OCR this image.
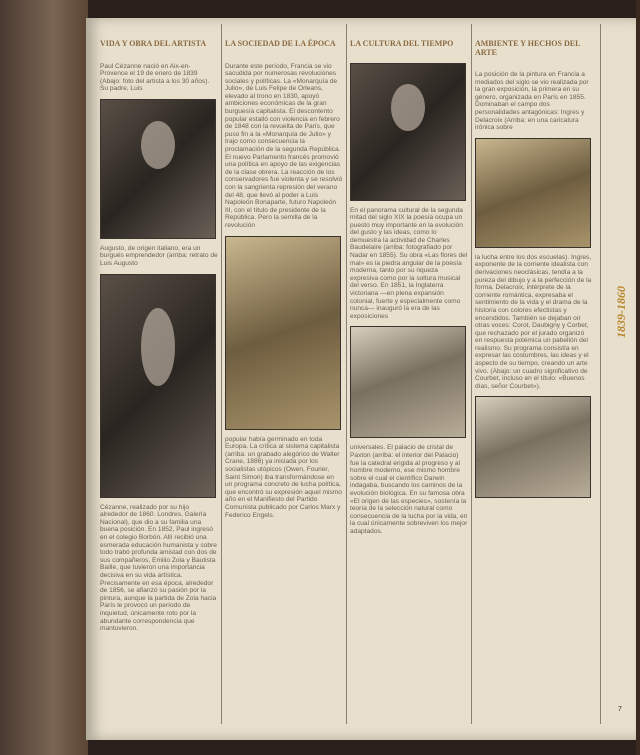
VIDA Y OBRA DEL ARTISTA

Paul Cézanne nació en Aix-en-Provence el 19 de enero de 1839 (Abajo: foto del artista a los 30 años). Su padre, Luis

Augusto, de origen italiano, era un burgués emprendedor (arriba: retrato de Luis Augusto

Cézanne, realizado por su hijo alrededor de 1860. Londres, Galería Nacional), que dio a su familia una buena posición. En 1852, Paul ingresó en el colegio Borbón. Allí recibió una esmerada educación humanista y sobre todo trabó profunda amistad con dos de sus compañeros, Emilio Zola y Bautista Baille, que tuvieron una importancia decisiva en su vida artística. Precisamente en esa época, alrededor de 1856, se afianzó su pasión por la pintura, aunque la partida de Zola hacia París le provocó un período de inquietud, únicamente roto por la abundante correspondencia que mantuvieron.

LA SOCIEDAD DE LA ÉPOCA

Durante este período, Francia se vio sacudida por numerosas revoluciones sociales y políticas. La «Monarquía de Julio», de Luis Felipe de Orleans, elevado al trono en 1830, apoyó ambiciones económicas de la gran burguesía capitalista. El descontento popular estalló con violencia en febrero de 1848 con la revuelta de París, que puso fin a la «Monarquía de Julio» y trajo como consecuencia la proclamación de la segunda República. El nuevo Parlamento francés promovió una política en apoyo de las exigencias de la clase obrera. La reacción de los conservadores fue violenta y se resolvió con la sangrienta represión del verano del 48, que llevó al poder a Luis Napoleón Bonaparte, futuro Napoleón III, con el título de presidente de la República. Pero la semilla de la revolución

popular había germinado en toda Europa. La crítica al sistema capitalista (arriba: un grabado alegórico de Walter Crane, 1886) ya iniciada por los socialistas utópicos (Owen, Fourier, Saint Simon) iba transformándose en un programa concreto de lucha política, que encontró su expresión aquel mismo año en el Manifiesto del Partido Comunista publicado por Carlos Marx y Federico Engels.

LA CULTURA DEL TIEMPO

En el panorama cultural de la segunda mitad del siglo XIX la poesía ocupa un puesto muy importante en la evolución del gusto y las ideas, como lo demuestra la actividad de Charles Baudelaire (arriba: fotografiado por Nadar en 1855). Su obra «Las flores del mal» es la piedra angular de la poesía moderna, tanto por su riqueza expresiva como por la soltura musical del verso. En 1851, la Inglaterra victoriana —en plena expansión colonial, fuerte y especialmente como nunca— inauguró la era de las exposiciones

universales. El palacio de cristal de Paxton (arriba: el interior del Palacio) fue la catedral erigida al progreso y al hombre moderno, ese mismo hombre sobre el cual el científico Darwin indagaba, buscando los caminos de la evolución biológica. En su famosa obra «El origen de las especies», sostenía la teoría de la selección natural como consecuencia de la lucha por la vida, en la cual únicamente sobreviven los mejor adaptados.

AMBIENTE Y HECHOS DEL ARTE

La posición de la pintura en Francia a mediados del siglo se vio realizada por la gran exposición, la primera en su género, organizada en París en 1855. Dominaban el campo dos personalidades antagónicas: Ingres y Delacroix (Arriba: en una caricatura irónica sobre

la lucha entre los dos escuelas). Ingres, exponente de la corriente idealista con derivaciones neoclásicas, tendía a la pureza del dibujo y a la perfección de la forma. Delacroix, intérprete de la corriente romántica, expresaba el sentimiento de la vida y el drama de la historia con colores efectistas y encendidos. También se dejaban oír otras voces: Corot, Daubigny y Corbet, que rechazado por el jurado organizó en respuesta polémica un pabellón del realismo. Su programa consistía en expresar las costumbres, las ideas y el aspecto de su tiempo, creando un arte vivo. (Abajo: un cuadro significativo de Courbet, incluso en el título: «Buenos días, señor Courbet»).

1839-1860
7
